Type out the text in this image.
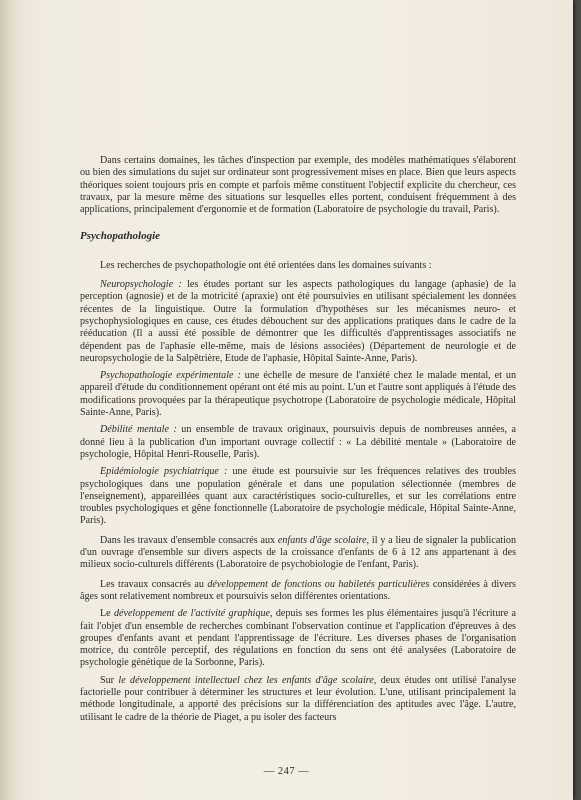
Dans certains domaines, les tâches d'inspection par exemple, des modèles mathématiques s'élaborent ou bien des simulations du sujet sur ordinateur sont progressivement mises en place. Bien que leurs aspects théoriques soient toujours pris en compte et parfois même constituent l'objectif explicite du chercheur, ces travaux, par la mesure même des situations sur lesquelles elles portent, conduisent fréquemment à des applications, principalement d'ergonomie et de formation (Laboratoire de psychologie du travail, Paris).

Psychopathologie

Les recherches de psychopathologie ont été orientées dans les domaines suivants :

Neuropsychologie : les études portant sur les aspects pathologiques du langage (aphasie) de la perception (agnosie) et de la motricité (apraxie) ont été poursuivies en utilisant spécialement les données récentes de la linguistique. Outre la formulation d'hypothèses sur les mécanismes neuro- et psychophysiologiques en cause, ces études débouchent sur des applications pratiques dans le cadre de la rééducation (Il a aussi été possible de démontrer que les difficultés d'apprentissages associatifs ne dépendent pas de l'aphasie elle-même, mais de lésions associées) (Département de neurologie et de neuropsychologie de la Salpêtrière, Etude de l'aphasie, Hôpital Sainte-Anne, Paris).

Psychopathologie expérimentale : une échelle de mesure de l'anxiété chez le malade mental, et un appareil d'étude du conditionnement opérant ont été mis au point. L'un et l'autre sont appliqués à l'étude des modifications provoquées par la thérapeutique psychotrope (Laboratoire de psychologie médicale, Hôpital Sainte-Anne, Paris).

Débilité mentale : un ensemble de travaux originaux, poursuivis depuis de nombreuses années, a donné lieu à la publication d'un important ouvrage collectif : « La débilité mentale » (Laboratoire de psychologie, Hôpital Henri-Rouselle, Paris).

Epidémiologie psychiatrique : une étude est poursuivie sur les fréquences relatives des troubles psychologiques dans une population générale et dans une population sélectionnée (membres de l'enseignement), appareillées quant aux caractéristiques socio-culturelles, et sur les corrélations entre troubles psychologiques et gêne fonctionnelle (Laboratoire de psychologie médicale, Hôpital Sainte-Anne, Paris).

Dans les travaux d'ensemble consacrés aux enfants d'âge scolaire, il y a lieu de signaler la publication d'un ouvrage d'ensemble sur divers aspects de la croissance d'enfants de 6 à 12 ans appartenant à des milieux socio-culturels différents (Laboratoire de psychobiologie de l'enfant, Paris).

Les travaux consacrés au développement de fonctions ou habiletés particulières considérées à divers âges sont relativement nombreux et poursuivis selon différentes orientations.

Le développement de l'activité graphique, depuis ses formes les plus élémentaires jusqu'à l'écriture a fait l'objet d'un ensemble de recherches combinant l'observation continue et l'application d'épreuves à des groupes d'enfants avant et pendant l'apprentissage de l'écriture. Les diverses phases de l'organisation motrice, du contrôle perceptif, des régulations en fonction du sens ont été analysées (Laboratoire de psychologie génétique de la Sorbonne, Paris).

Sur le développement intellectuel chez les enfants d'âge scolaire, deux études ont utilisé l'analyse factorielle pour contribuer à déterminer les structures et leur évolution. L'une, utilisant principalement la méthode longitudinale, a apporté des précisions sur la différenciation des aptitudes avec l'âge. L'autre, utilisant le cadre de la théorie de Piaget, a pu isoler des facteurs

— 247 —
